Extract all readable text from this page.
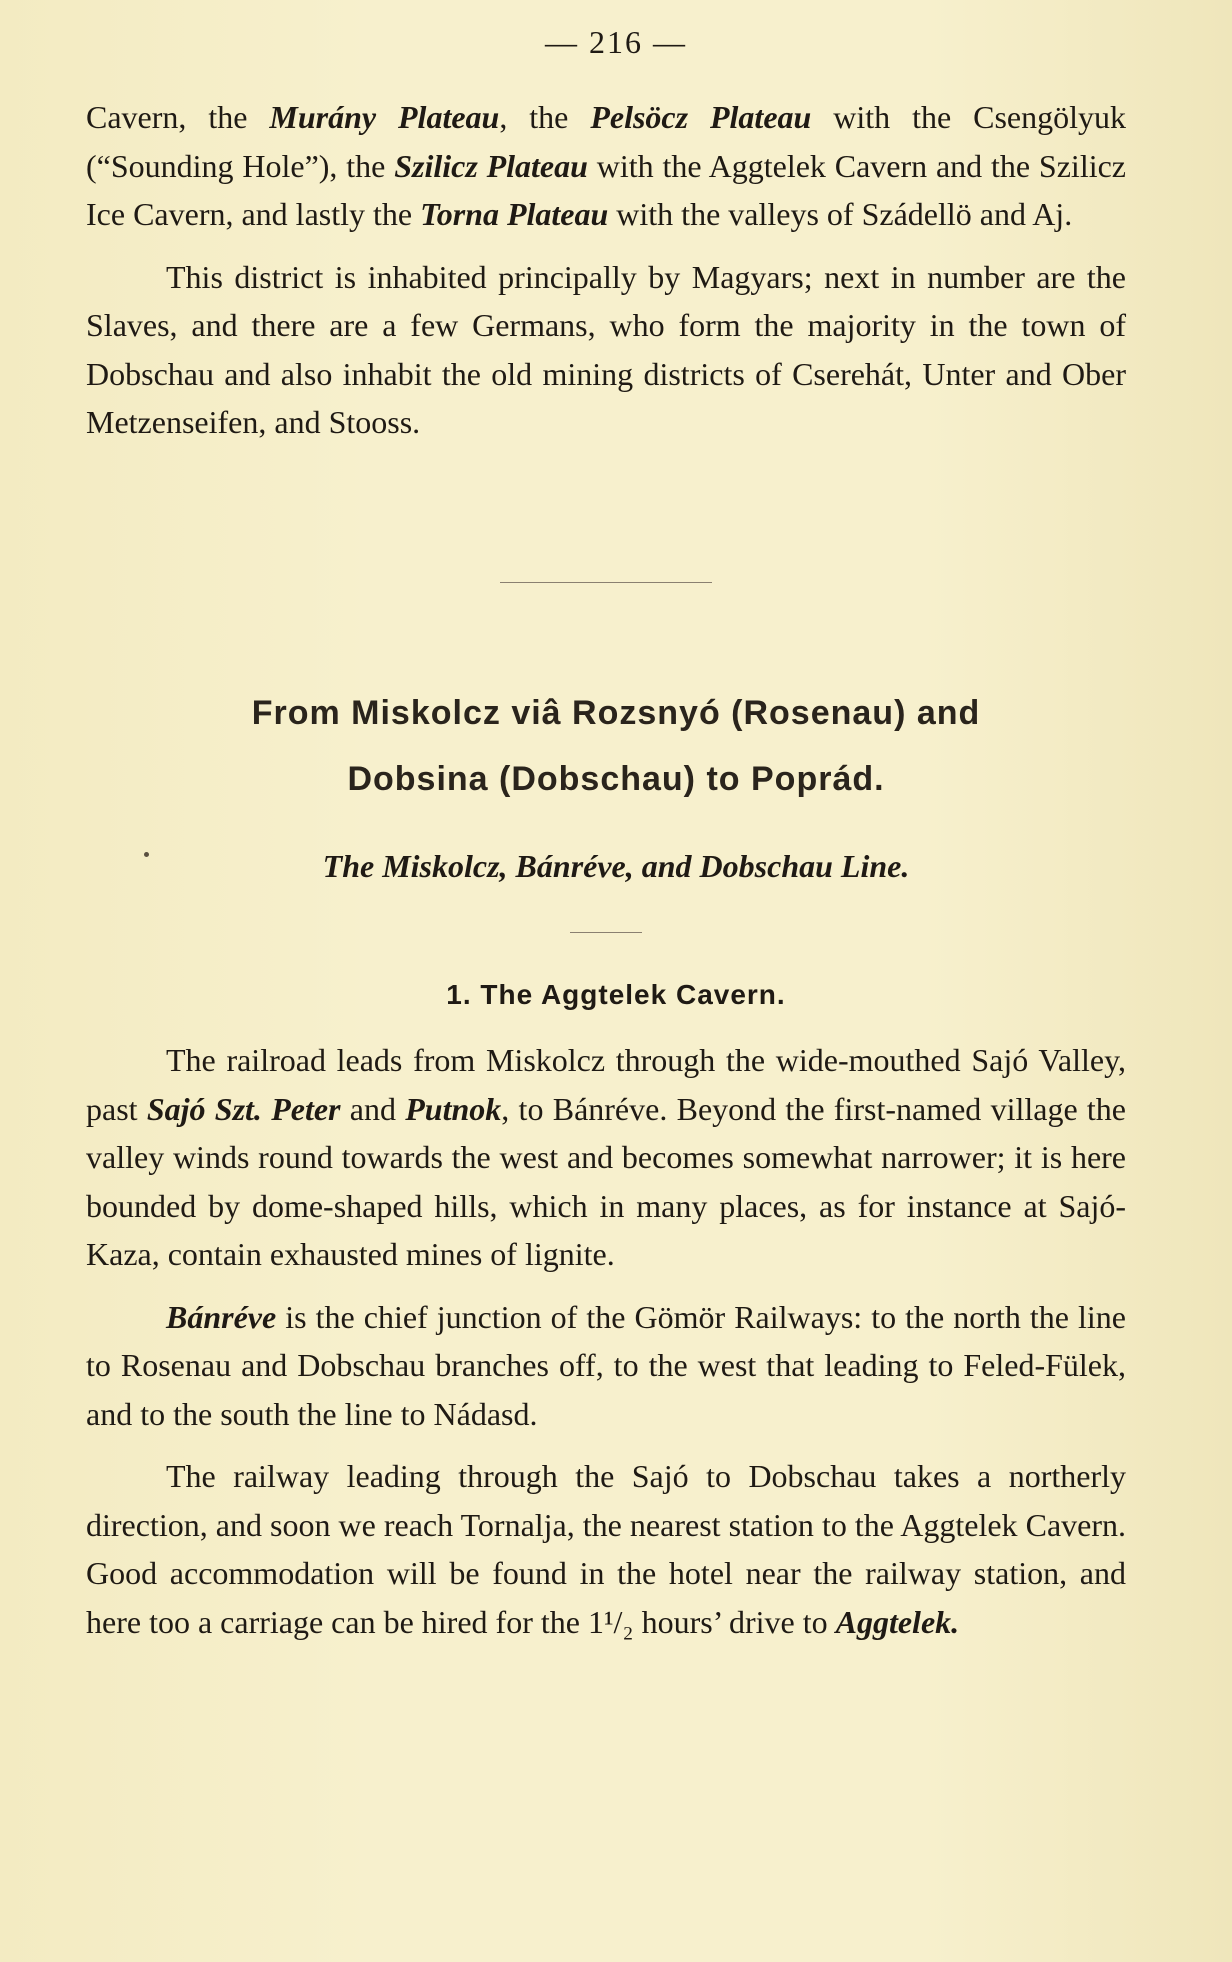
— 216 —

Cavern, the Murány Plateau, the Pelsöcz Plateau with the Csengölyuk (“Sounding Hole”), the Szilicz Plateau with the Aggtelek Cavern and the Szilicz Ice Cavern, and lastly the Torna Plateau with the valleys of Szádellö and Aj.

This district is inhabited principally by Magyars; next in number are the Slaves, and there are a few Germans, who form the majority in the town of Dobschau and also inhabit the old mining districts of Cserehát, Unter and Ober Metzenseifen, and Stooss.

From Miskolcz viâ Rozsnyó (Rosenau) and
Dobsina (Dobschau) to Poprád.
The Miskolcz, Bánréve, and Dobschau Line.
1. The Aggtelek Cavern.

The railroad leads from Miskolcz through the wide-mouthed Sajó Valley, past Sajó Szt. Peter and Putnok, to Bánréve. Beyond the first-named village the valley winds round towards the west and becomes somewhat narrower; it is here bounded by dome-shaped hills, which in many places, as for instance at Sajó-Kaza, contain exhausted mines of lignite.

Bánréve is the chief junction of the Gömör Railways: to the north the line to Rosenau and Dobschau branches off, to the west that leading to Feled-Fülek, and to the south the line to Nádasd.

The railway leading through the Sajó to Dobschau takes a northerly direction, and soon we reach Tornalja, the nearest station to the Aggtelek Cavern. Good accommodation will be found in the hotel near the railway station, and here too a carriage can be hired for the 1¹/₂ hours’ drive to Aggtelek.
